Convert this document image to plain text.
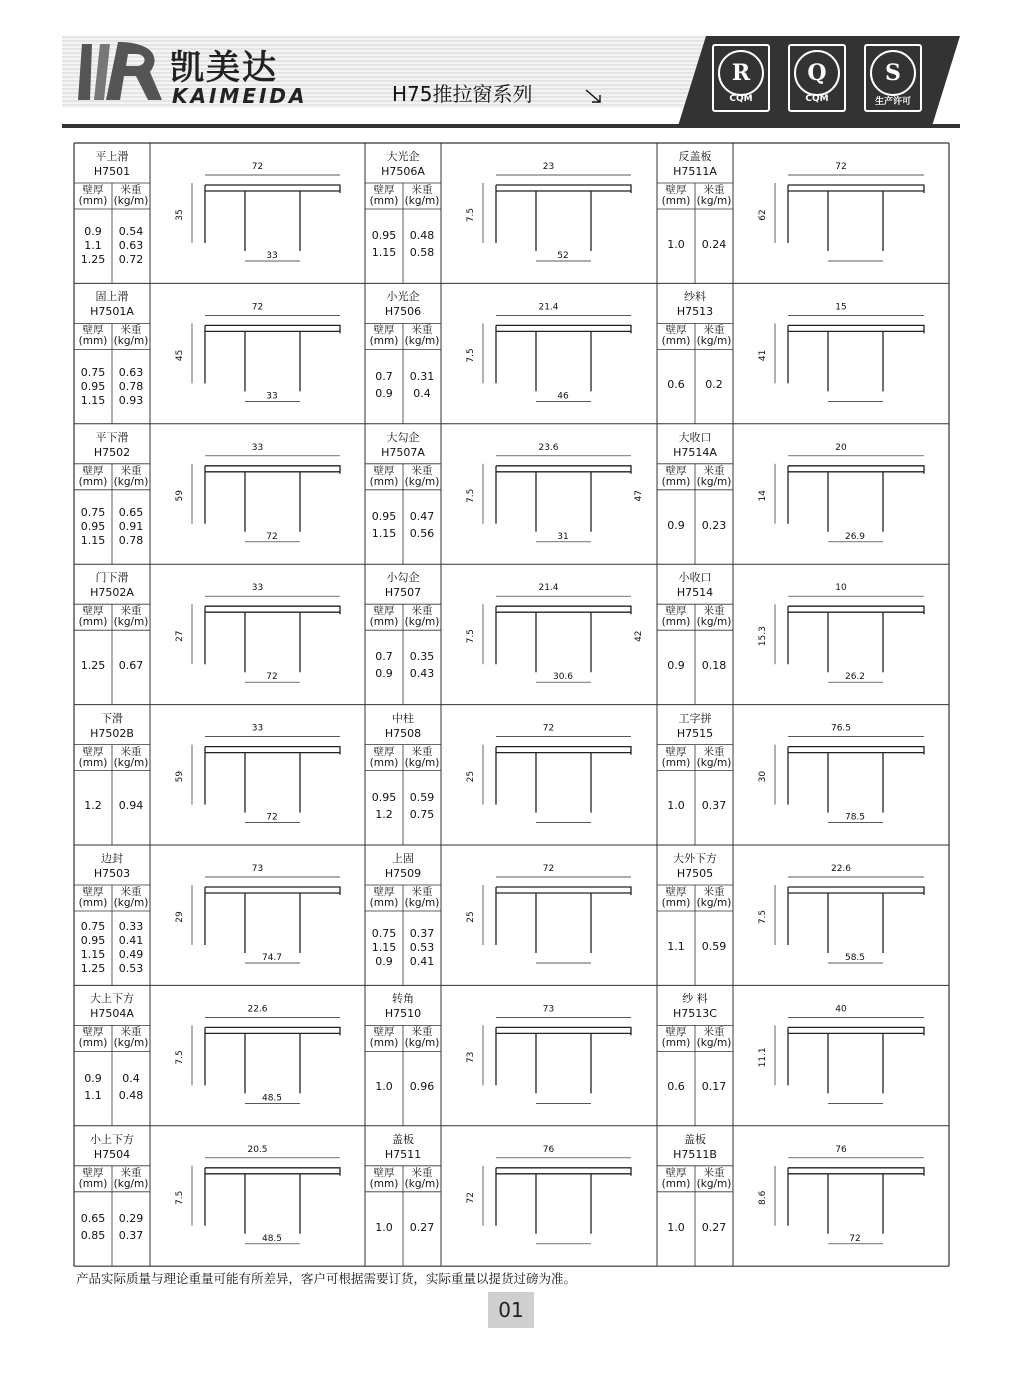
凯美达
KAIMEIDA	H75推拉窗系列
R
CQM
Q
CQM
S
生产许可
72
35
33
23
7.5
52
72
62
72
45
33
21.4
7.5
46
15
41
33
59
72
23.6
7.5
31
47
20
14
26.9
33
27
72
21.4
7.5
30.6
42
10
15.3
26.2
33
59
72
72
25
76.5
30
78.5
73
29
74.7
72
25
22.6
7.5
58.5
22.6
7.5
48.5
73
73
40
11.1
20.5
7.5
48.5
76
72
76
8.6
72
平上滑
H7501
壁厚
(mm)
米重
(kg/m)
0.9	0.54
1.1	0.63
1.25	0.72
大光企
H7506A
壁厚
(mm)
米重
(kg/m)
0.95	0.48
1.15	0.58
反盖板
H7511A
壁厚
(mm)
米重
(kg/m)
1.0	0.24
固上滑
H7501A
壁厚
(mm)
米重
(kg/m)
0.75	0.63
0.95	0.78
1.15	0.93
小光企
H7506
壁厚
(mm)
米重
(kg/m)
0.7	0.31
0.9	0.4
纱料
H7513
壁厚
(mm)
米重
(kg/m)
0.6	0.2
平下滑
H7502
壁厚
(mm)
米重
(kg/m)
0.75	0.65
0.95	0.91
1.15	0.78
大勾企
H7507A
壁厚
(mm)
米重
(kg/m)
0.95	0.47
1.15	0.56
大收口
H7514A
壁厚
(mm)
米重
(kg/m)
0.9	0.23
门下滑
H7502A
壁厚
(mm)
米重
(kg/m)
1.25	0.67
小勾企
H7507
壁厚
(mm)
米重
(kg/m)
0.7	0.35
0.9	0.43
小收口
H7514
壁厚
(mm)
米重
(kg/m)
0.9	0.18
下滑
H7502B
壁厚
(mm)
米重
(kg/m)
1.2	0.94
中柱
H7508
壁厚
(mm)
米重
(kg/m)
0.95	0.59
1.2	0.75
工字拼
H7515
壁厚
(mm)
米重
(kg/m)
1.0	0.37
边封
H7503
壁厚
(mm)
米重
(kg/m)
0.75	0.33
0.95	0.41
1.15	0.49
1.25	0.53
上固
H7509
壁厚
(mm)
米重
(kg/m)
0.75	0.37
1.15	0.53
0.9	0.41
大外下方
H7505
壁厚
(mm)
米重
(kg/m)
1.1	0.59
大上下方
H7504A
壁厚
(mm)
米重
(kg/m)
0.9	0.4
1.1	0.48
转角
H7510
壁厚
(mm)
米重
(kg/m)
1.0	0.96
纱 料
H7513C
壁厚
(mm)
米重
(kg/m)
0.6	0.17
小上下方
H7504
壁厚
(mm)
米重
(kg/m)
0.65	0.29
0.85	0.37
盖板
H7511
壁厚
(mm)
米重
(kg/m)
1.0	0.27
盖板
H7511B
壁厚
(mm)
米重
(kg/m)
1.0	0.27
产品实际质量与理论重量可能有所差异，客户可根据需要订货，实际重量以提货过磅为准。
01
